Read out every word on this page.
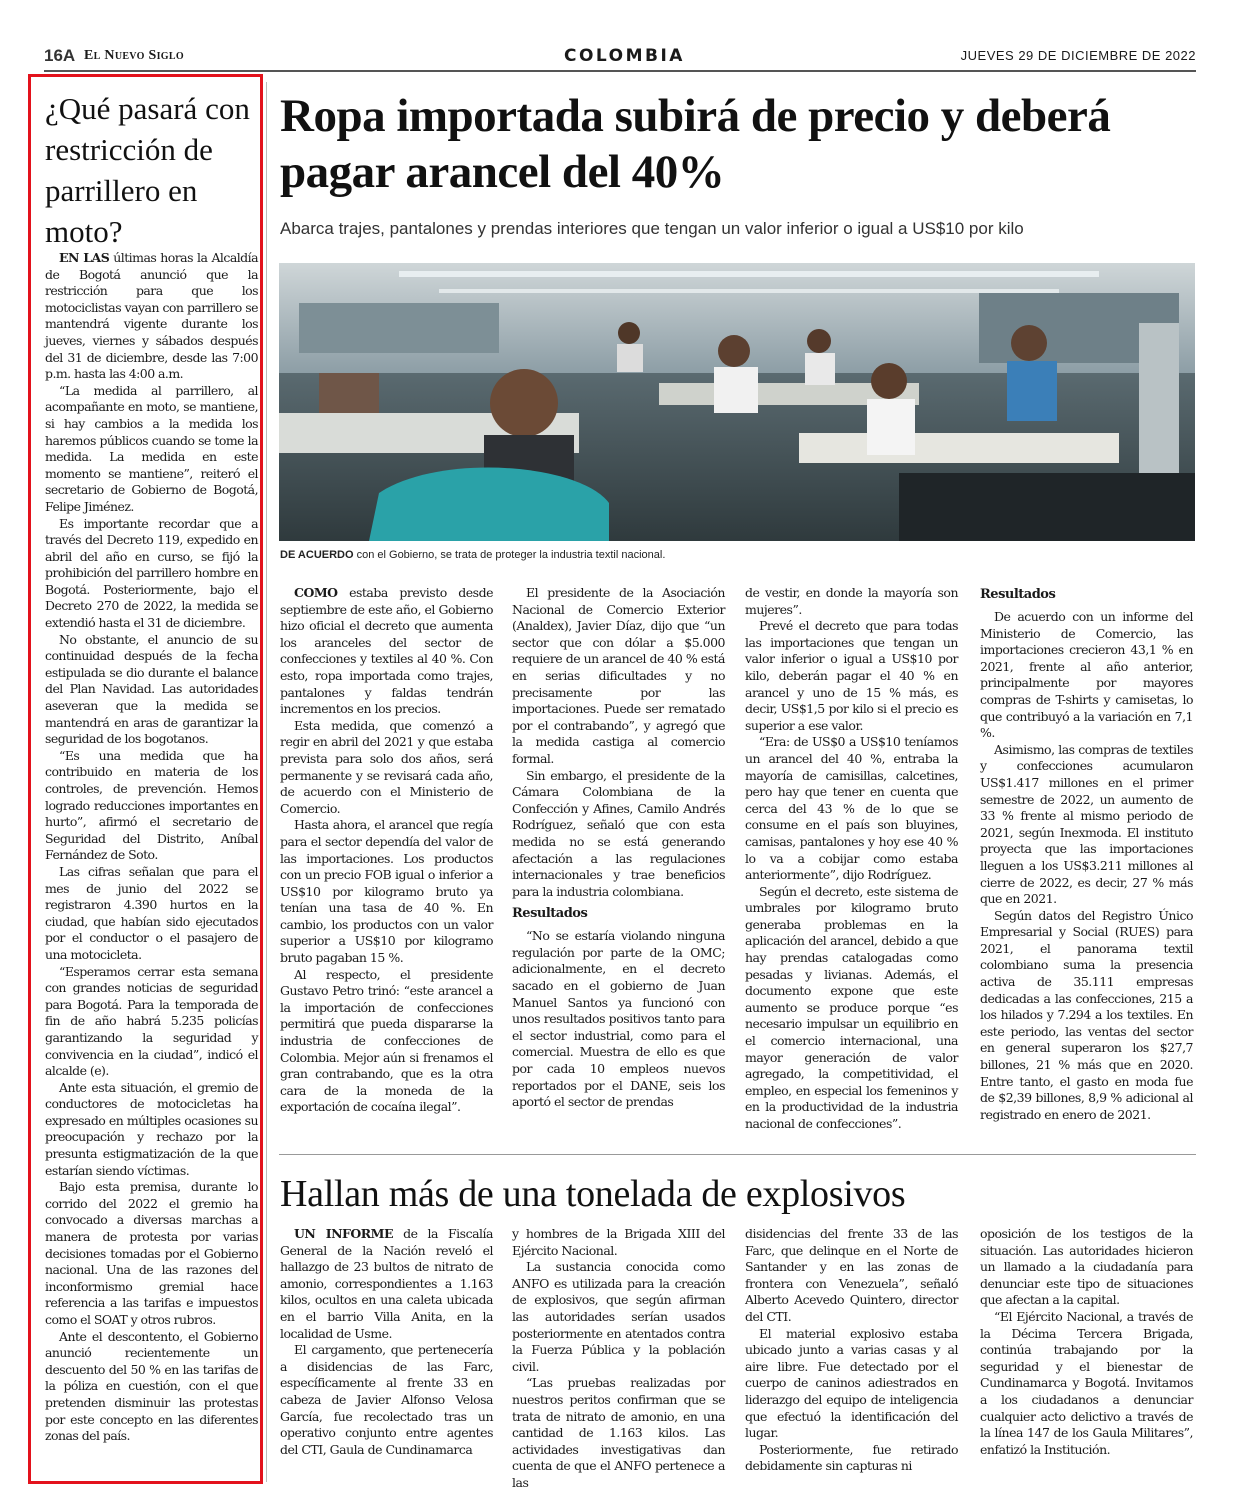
16A El Nuevo Siglo	COLOMBIA	JUEVES 29 DE DICIEMBRE DE 2022
¿Qué pasará con restricción de parrillero en moto?

EN LAS últimas horas la Alcaldía de Bogotá anunció que la restricción para que los motociclistas vayan con parrillero se mantendrá vigente durante los jueves, viernes y sábados después del 31 de diciembre, desde las 7:00 p.m. hasta las 4:00 a.m.

“La medida al parrillero, al acompañante en moto, se mantiene, si hay cambios a la medida los haremos públicos cuando se tome la medida. La medida en este momento se mantiene”, reiteró el secretario de Gobierno de Bogotá, Felipe Jiménez.

Es importante recordar que a través del Decreto 119, expedido en abril del año en curso, se fijó la prohibición del parrillero hombre en Bogotá. Posteriormente, bajo el Decreto 270 de 2022, la medida se extendió hasta el 31 de diciembre.

No obstante, el anuncio de su continuidad después de la fecha estipulada se dio durante el balance del Plan Navidad. Las autoridades aseveran que la medida se mantendrá en aras de garantizar la seguridad de los bogotanos.

“Es una medida que ha contribuido en materia de los controles, de prevención. Hemos logrado reducciones importantes en hurto”, afirmó el secretario de Seguridad del Distrito, Aníbal Fernández de Soto.

Las cifras señalan que para el mes de junio del 2022 se registraron 4.390 hurtos en la ciudad, que habían sido ejecutados por el conductor o el pasajero de una motocicleta.

“Esperamos cerrar esta semana con grandes noticias de seguridad para Bogotá. Para la temporada de fin de año habrá 5.235 policías garantizando la seguridad y convivencia en la ciudad”, indicó el alcalde (e).

Ante esta situación, el gremio de conductores de motocicletas ha expresado en múltiples ocasiones su preocupación y rechazo por la presunta estigmatización de la que estarían siendo víctimas.

Bajo esta premisa, durante lo corrido del 2022 el gremio ha convocado a diversas marchas a manera de protesta por varias decisiones tomadas por el Gobierno nacional. Una de las razones del inconformismo gremial hace referencia a las tarifas e impuestos como el SOAT y otros rubros.

Ante el descontento, el Gobierno anunció recientemente un descuento del 50 % en las tarifas de la póliza en cuestión, con el que pretenden disminuir las protestas por este concepto en las diferentes zonas del país.

Ropa importada subirá de precio y deberá pagar arancel del 40%
Abarca trajes, pantalones y prendas interiores que tengan un valor inferior o igual a US$10 por kilo
DE ACUERDO con el Gobierno, se trata de proteger la industria textil nacional.

COMO estaba previsto desde septiembre de este año, el Gobierno hizo oficial el decreto que aumenta los aranceles del sector de confecciones y textiles al 40 %. Con esto, ropa importada como trajes, pantalones y faldas tendrán incrementos en los precios.

Esta medida, que comenzó a regir en abril del 2021 y que estaba prevista para solo dos años, será permanente y se revisará cada año, de acuerdo con el Ministerio de Comercio.

Hasta ahora, el arancel que regía para el sector dependía del valor de las importaciones. Los productos con un precio FOB igual o inferior a US$10 por kilogramo bruto ya tenían una tasa de 40 %. En cambio, los productos con un valor superior a US$10 por kilogramo bruto pagaban 15 %.

Al respecto, el presidente Gustavo Petro trinó: “este arancel a la importación de confecciones permitirá que pueda dispararse la industria de confecciones de Colombia. Mejor aún si frenamos el gran contrabando, que es la otra cara de la moneda de la exportación de cocaína ilegal”.

El presidente de la Asociación Nacional de Comercio Exterior (Analdex), Javier Díaz, dijo que “un sector que con dólar a $5.000 requiere de un arancel de 40 % está en serias dificultades y no precisamente por las importaciones. Puede ser rematado por el contrabando”, y agregó que la medida castiga al comercio formal.

Sin embargo, el presidente de la Cámara Colombiana de la Confección y Afines, Camilo Andrés Rodríguez, señaló que con esta medida no se está generando afectación a las regulaciones internacionales y trae beneficios para la industria colombiana.

Resultados

“No se estaría violando ninguna regulación por parte de la OMC; adicionalmente, en el decreto sacado en el gobierno de Juan Manuel Santos ya funcionó con unos resultados positivos tanto para el sector industrial, como para el comercial. Muestra de ello es que por cada 10 empleos nuevos reportados por el DANE, seis los aportó el sector de prendas

de vestir, en donde la mayoría son mujeres”.

Prevé el decreto que para todas las importaciones que tengan un valor inferior o igual a US$10 por kilo, deberán pagar el 40 % en arancel y uno de 15 % más, es decir, US$1,5 por kilo si el precio es superior a ese valor.

“Era: de US$0 a US$10 teníamos un arancel del 40 %, entraba la mayoría de camisillas, calcetines, pero hay que tener en cuenta que cerca del 43 % de lo que se consume en el país son bluyines, camisas, pantalones y hoy ese 40 % lo va a cobijar como estaba anteriormente”, dijo Rodríguez.

Según el decreto, este sistema de umbrales por kilogramo bruto generaba problemas en la aplicación del arancel, debido a que hay prendas catalogadas como pesadas y livianas. Además, el documento expone que este aumento se produce porque “es necesario impulsar un equilibrio en el comercio internacional, una mayor generación de valor agregado, la competitividad, el empleo, en especial los femeninos y en la productividad de la industria nacional de confecciones”.

Resultados

De acuerdo con un informe del Ministerio de Comercio, las importaciones crecieron 43,1 % en 2021, frente al año anterior, principalmente por mayores compras de T-shirts y camisetas, lo que contribuyó a la variación en 7,1 %.

Asimismo, las compras de textiles y confecciones acumularon US$1.417 millones en el primer semestre de 2022, un aumento de 33 % frente al mismo periodo de 2021, según Inexmoda. El instituto proyecta que las importaciones lleguen a los US$3.211 millones al cierre de 2022, es decir, 27 % más que en 2021.

Según datos del Registro Único Empresarial y Social (RUES) para 2021, el panorama textil colombiano suma la presencia activa de 35.111 empresas dedicadas a las confecciones, 215 a los hilados y 7.294 a los textiles. En este periodo, las ventas del sector en general superaron los $27,7 billones, 21 % más que en 2020. Entre tanto, el gasto en moda fue de $2,39 billones, 8,9 % adicional al registrado en enero de 2021.

Hallan más de una tonelada de explosivos

UN INFORME de la Fiscalía General de la Nación reveló el hallazgo de 23 bultos de nitrato de amonio, correspondientes a 1.163 kilos, ocultos en una caleta ubicada en el barrio Villa Anita, en la localidad de Usme.

El cargamento, que pertenecería a disidencias de las Farc, específicamente al frente 33 en cabeza de Javier Alfonso Velosa García, fue recolectado tras un operativo conjunto entre agentes del CTI, Gaula de Cundinamarca

y hombres de la Brigada XIII del Ejército Nacional.

La sustancia conocida como ANFO es utilizada para la creación de explosivos, que según afirman las autoridades serían usados posteriormente en atentados contra la Fuerza Pública y la población civil.

“Las pruebas realizadas por nuestros peritos confirman que se trata de nitrato de amonio, en una cantidad de 1.163 kilos. Las actividades investigativas dan cuenta de que el ANFO pertenece a las

disidencias del frente 33 de las Farc, que delinque en el Norte de Santander y en las zonas de frontera con Venezuela”, señaló Alberto Acevedo Quintero, director del CTI.

El material explosivo estaba ubicado junto a varias casas y al aire libre. Fue detectado por el cuerpo de caninos adiestrados en liderazgo del equipo de inteligencia que efectuó la identificación del lugar.

Posteriormente, fue retirado debidamente sin capturas ni

oposición de los testigos de la situación. Las autoridades hicieron un llamado a la ciudadanía para denunciar este tipo de situaciones que afectan a la capital.

“El Ejército Nacional, a través de la Décima Tercera Brigada, continúa trabajando por la seguridad y el bienestar de Cundinamarca y Bogotá. Invitamos a los ciudadanos a denunciar cualquier acto delictivo a través de la línea 147 de los Gaula Militares”, enfatizó la Institución.
